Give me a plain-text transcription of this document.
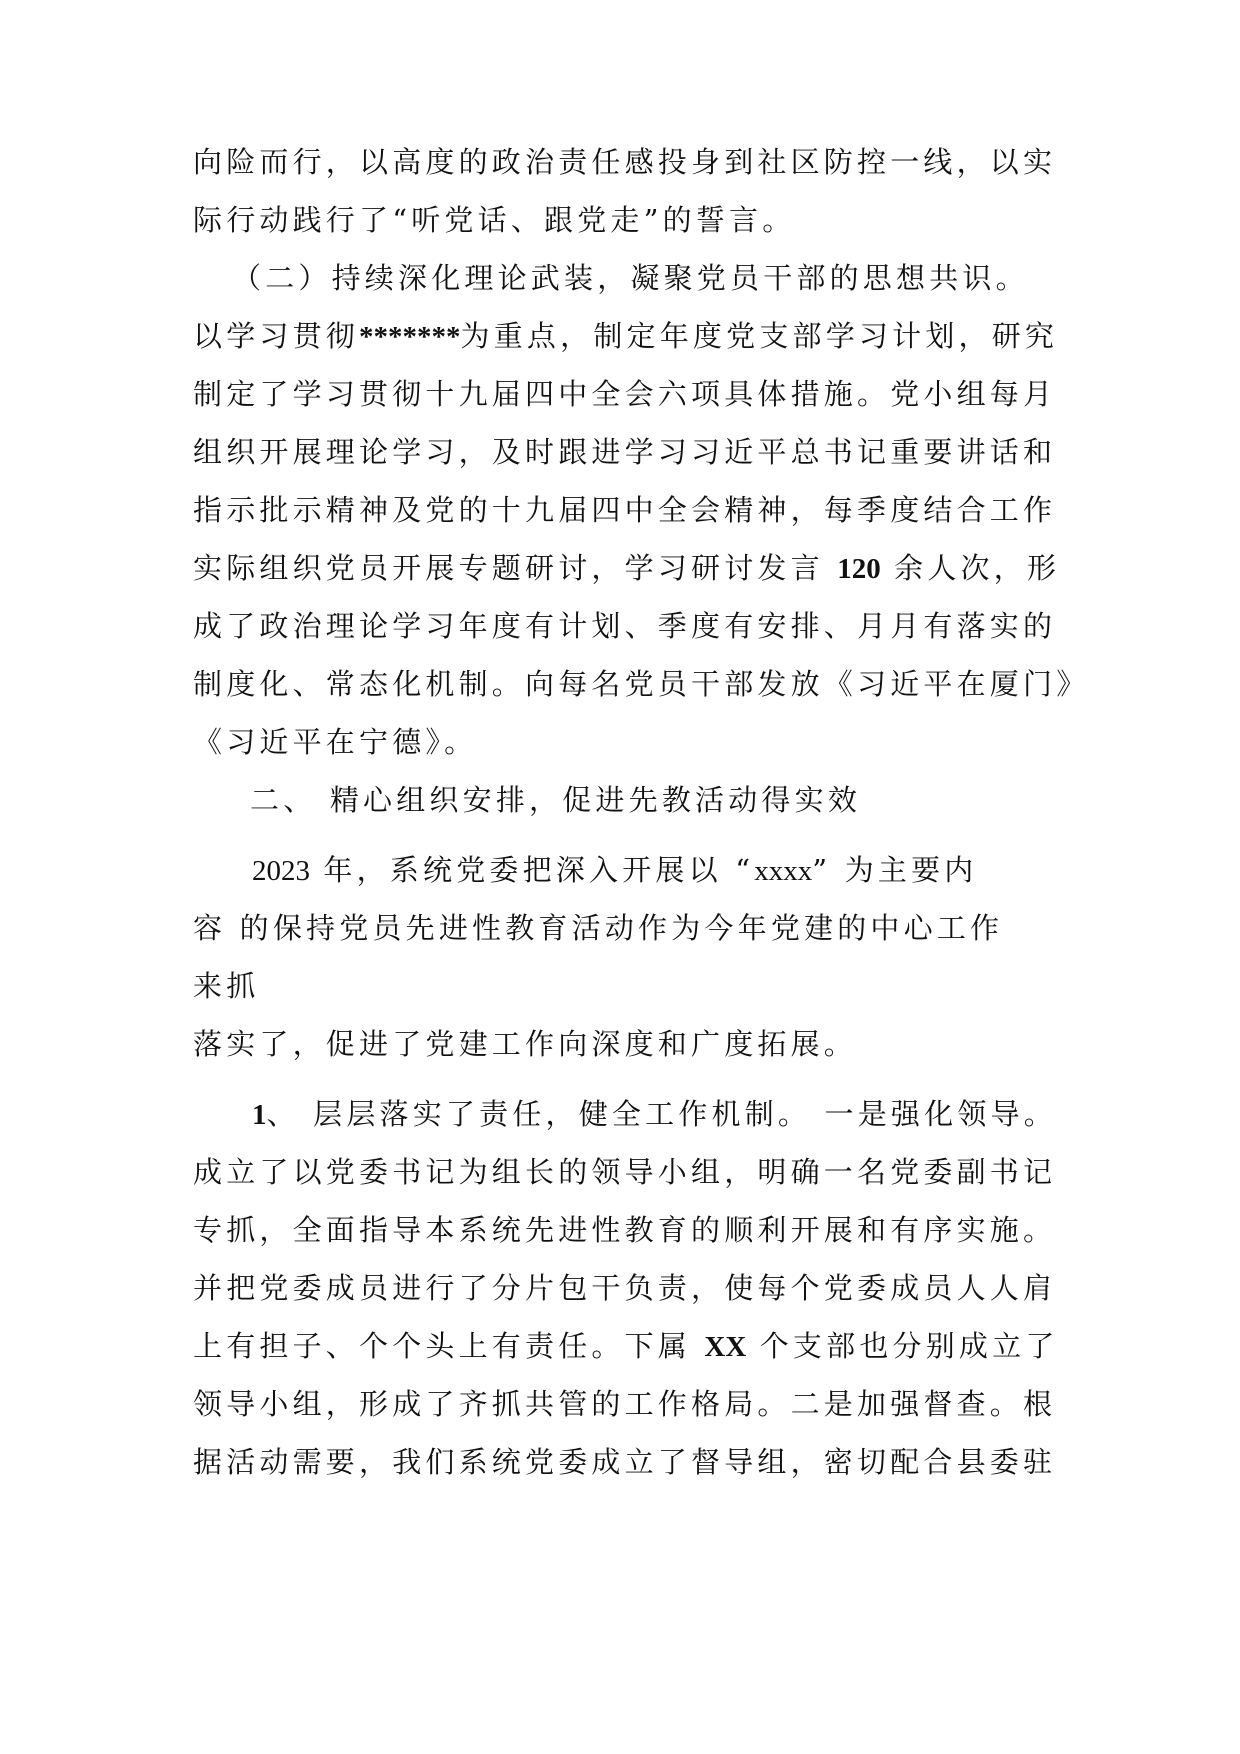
向险而行，以高度的政治责任感投身到社区防控一线，以实
际行动践行了“听党话、跟党走”的誓言。
（二）持续深化理论武装，凝聚党员干部的思想共识。
以学习贯彻*******为重点，制定年度党支部学习计划，研究
制定了学习贯彻十九届四中全会六项具体措施。党小组每月
组织开展理论学习，及时跟进学习习近平总书记重要讲话和
指示批示精神及党的十九届四中全会精神，每季度结合工作
实际组织党员开展专题研讨，学习研讨发言 120 余人次，形
成了政治理论学习年度有计划、季度有安排、月月有落实的
制度化、常态化机制。向每名党员干部发放《习近平在厦门》
《习近平在宁德》。
二、 精心组织安排，促进先教活动得实效
2023 年，系统党委把深入开展以 “xxxx” 为主要内
容 的保持党员先进性教育活动作为今年党建的中心工作
来抓
落实了，促进了党建工作向深度和广度拓展。
1、 层层落实了责任，健全工作机制。 一是强化领导。
成立了以党委书记为组长的领导小组，明确一名党委副书记
专抓，全面指导本系统先进性教育的顺利开展和有序实施。
并把党委成员进行了分片包干负责，使每个党委成员人人肩
上有担子、个个头上有责任。下属 XX 个支部也分别成立了
领导小组，形成了齐抓共管的工作格局。二是加强督查。根
据活动需要，我们系统党委成立了督导组，密切配合县委驻
